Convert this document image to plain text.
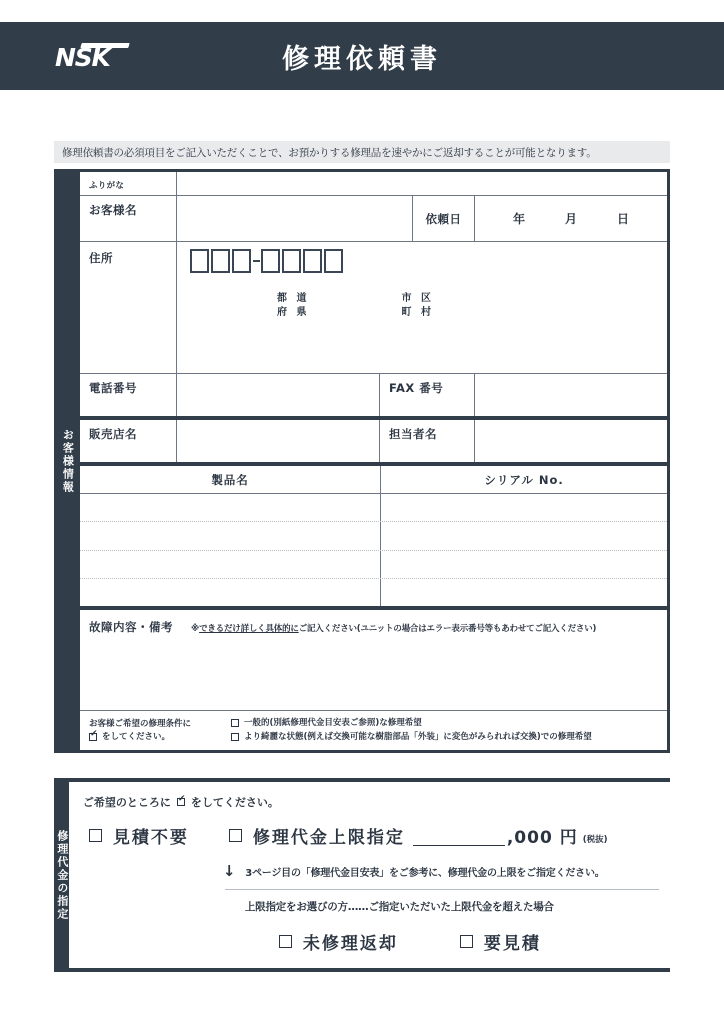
NSK	修理依頼書
修理依頼書の必須項目をご記入いただくことで、お預かりする修理品を速やかにご返却することが可能となります。
お客様情報
ふりがな
お客様名
依頼日	年	月	日
住所
都 道
府 県
市 区
町 村
電話番号	FAX 番号
販売店名	担当者名
製品名	シリアル No.
故障内容・備考 ※できるだけ詳しく具体的にご記入ください(ユニットの場合はエラー表示番号等もあわせてご記入ください)
お客様ご希望の修理条件に
✔をしてください。
一般的(別紙修理代金目安表ご参照)な修理希望
より綺麗な状態(例えば交換可能な樹脂部品「外装」に変色がみられれば交換)での修理希望
修理代金の指定
ご希望のところに ✔ をしてください。
見積不要	修理代金上限指定	,000 円 (税抜)
↓ 3ページ目の「修理代金目安表」をご参考に、修理代金の上限をご指定ください。
上限指定をお選びの方……ご指定いただいた上限代金を超えた場合
未修理返却	要見積
